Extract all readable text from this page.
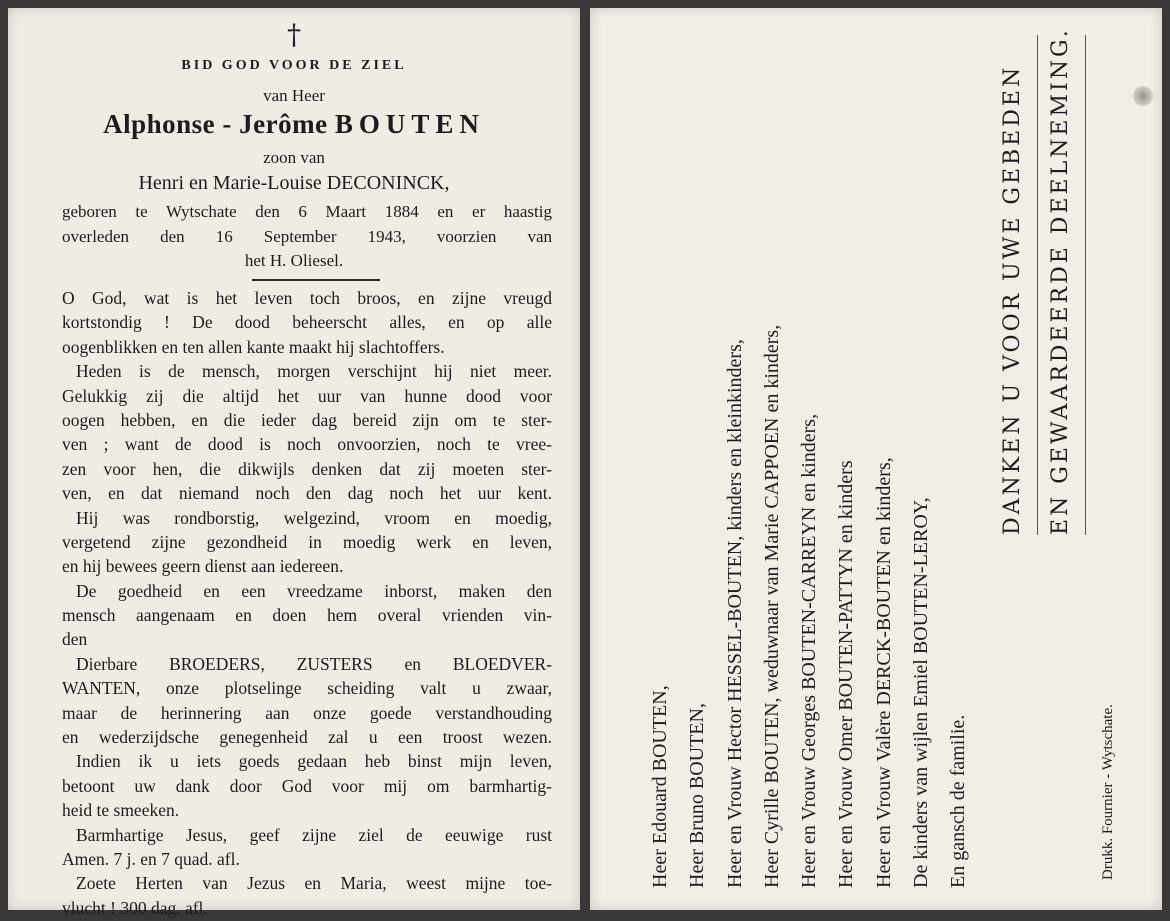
†
BID GOD VOOR DE ZIEL
van Heer
Alphonse - Jerôme BOUTEN
zoon van
Henri en Marie-Louise DECONINCK,
geboren te Wytschate den 6 Maart 1884 en er haastig
overleden den 16 September 1943, voorzien van
het H. Oliesel.
O God, wat is het leven toch broos, en zijne vreugd
kortstondig ! De dood beheerscht alles, en op alle
oogenblikken en ten allen kante maakt hij slachtoffers.
Heden is de mensch, morgen verschijnt hij niet meer.
Gelukkig zij die altijd het uur van hunne dood voor
oogen hebben, en die ieder dag bereid zijn om te ster-
ven ; want de dood is noch onvoorzien, noch te vree-
zen voor hen, die dikwijls denken dat zij moeten ster-
ven, en dat niemand noch den dag noch het uur kent.
Hij was rondborstig, welgezind, vroom en moedig,
vergetend zijne gezondheid in moedig werk en leven,
en hij bewees geern dienst aan iedereen.
De goedheid en een vreedzame inborst, maken den
mensch aangenaam en doen hem overal vrienden vin-
den
Dierbare BROEDERS, ZUSTERS en BLOEDVER-
WANTEN, onze plotselinge scheiding valt u zwaar,
maar de herinnering aan onze goede verstandhouding
en wederzijdsche genegenheid zal u een troost wezen.
Indien ik u iets goeds gedaan heb binst mijn leven,
betoont uw dank door God voor mij om barmhartig-
heid te smeeken.
Barmhartige Jesus, geef zijne ziel de eeuwige rust
Amen. 7 j. en 7 quad. afl.
Zoete Herten van Jezus en Maria, weest mijne toe-
vlucht ! 300 dag. afl.
Heer Edouard BOUTEN, Heer Bruno BOUTEN, Heer en Vrouw Hector HESSEL-BOUTEN, kinders en kleinkinders, Heer Cyrille BOUTEN, weduwnaar van Marie CAPPOEN en kinders, Heer en Vrouw Georges BOUTEN-CARREYN en kinders, Heer en Vrouw Omer BOUTEN-PATTYN en kinders Heer en Vrouw Valère DERCK-BOUTEN en kinders, De kinders van wijlen Emiel BOUTEN-LEROY, En gansch de familie.
DANKEN U VOOR UWE GEBEDEN EN GEWAARDEERDE DEELNEMING.
Drukk. Fournier - Wytschate.
